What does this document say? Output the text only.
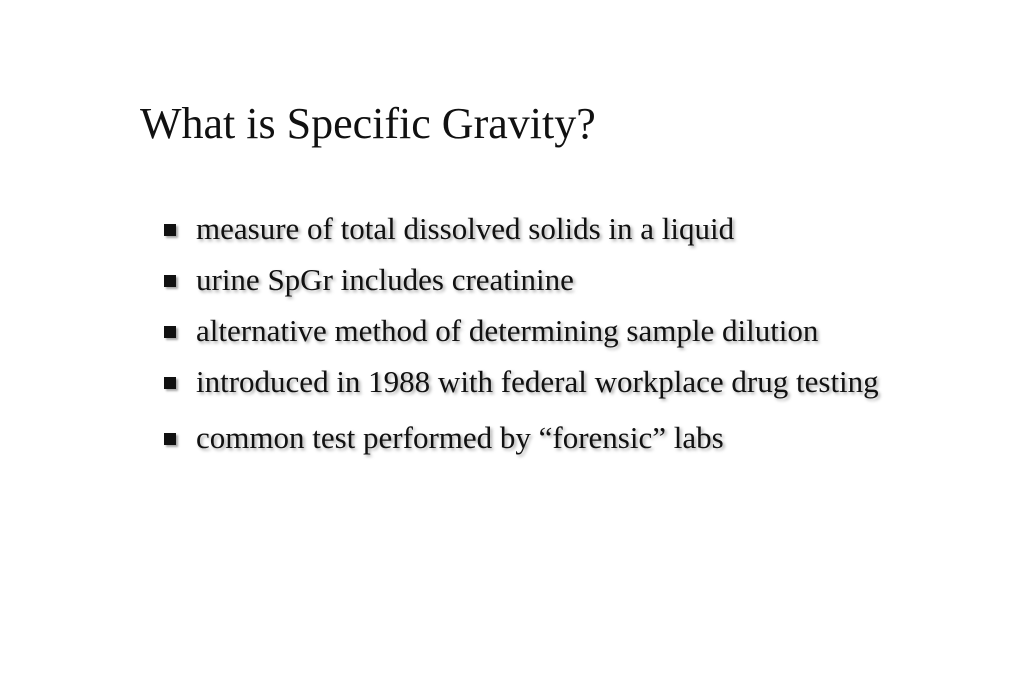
What is Specific Gravity?
measure of total dissolved solids in a liquid
urine SpGr includes creatinine
alternative method of determining sample dilution
introduced in 1988 with federal workplace drug testing
common test performed by “forensic” labs
